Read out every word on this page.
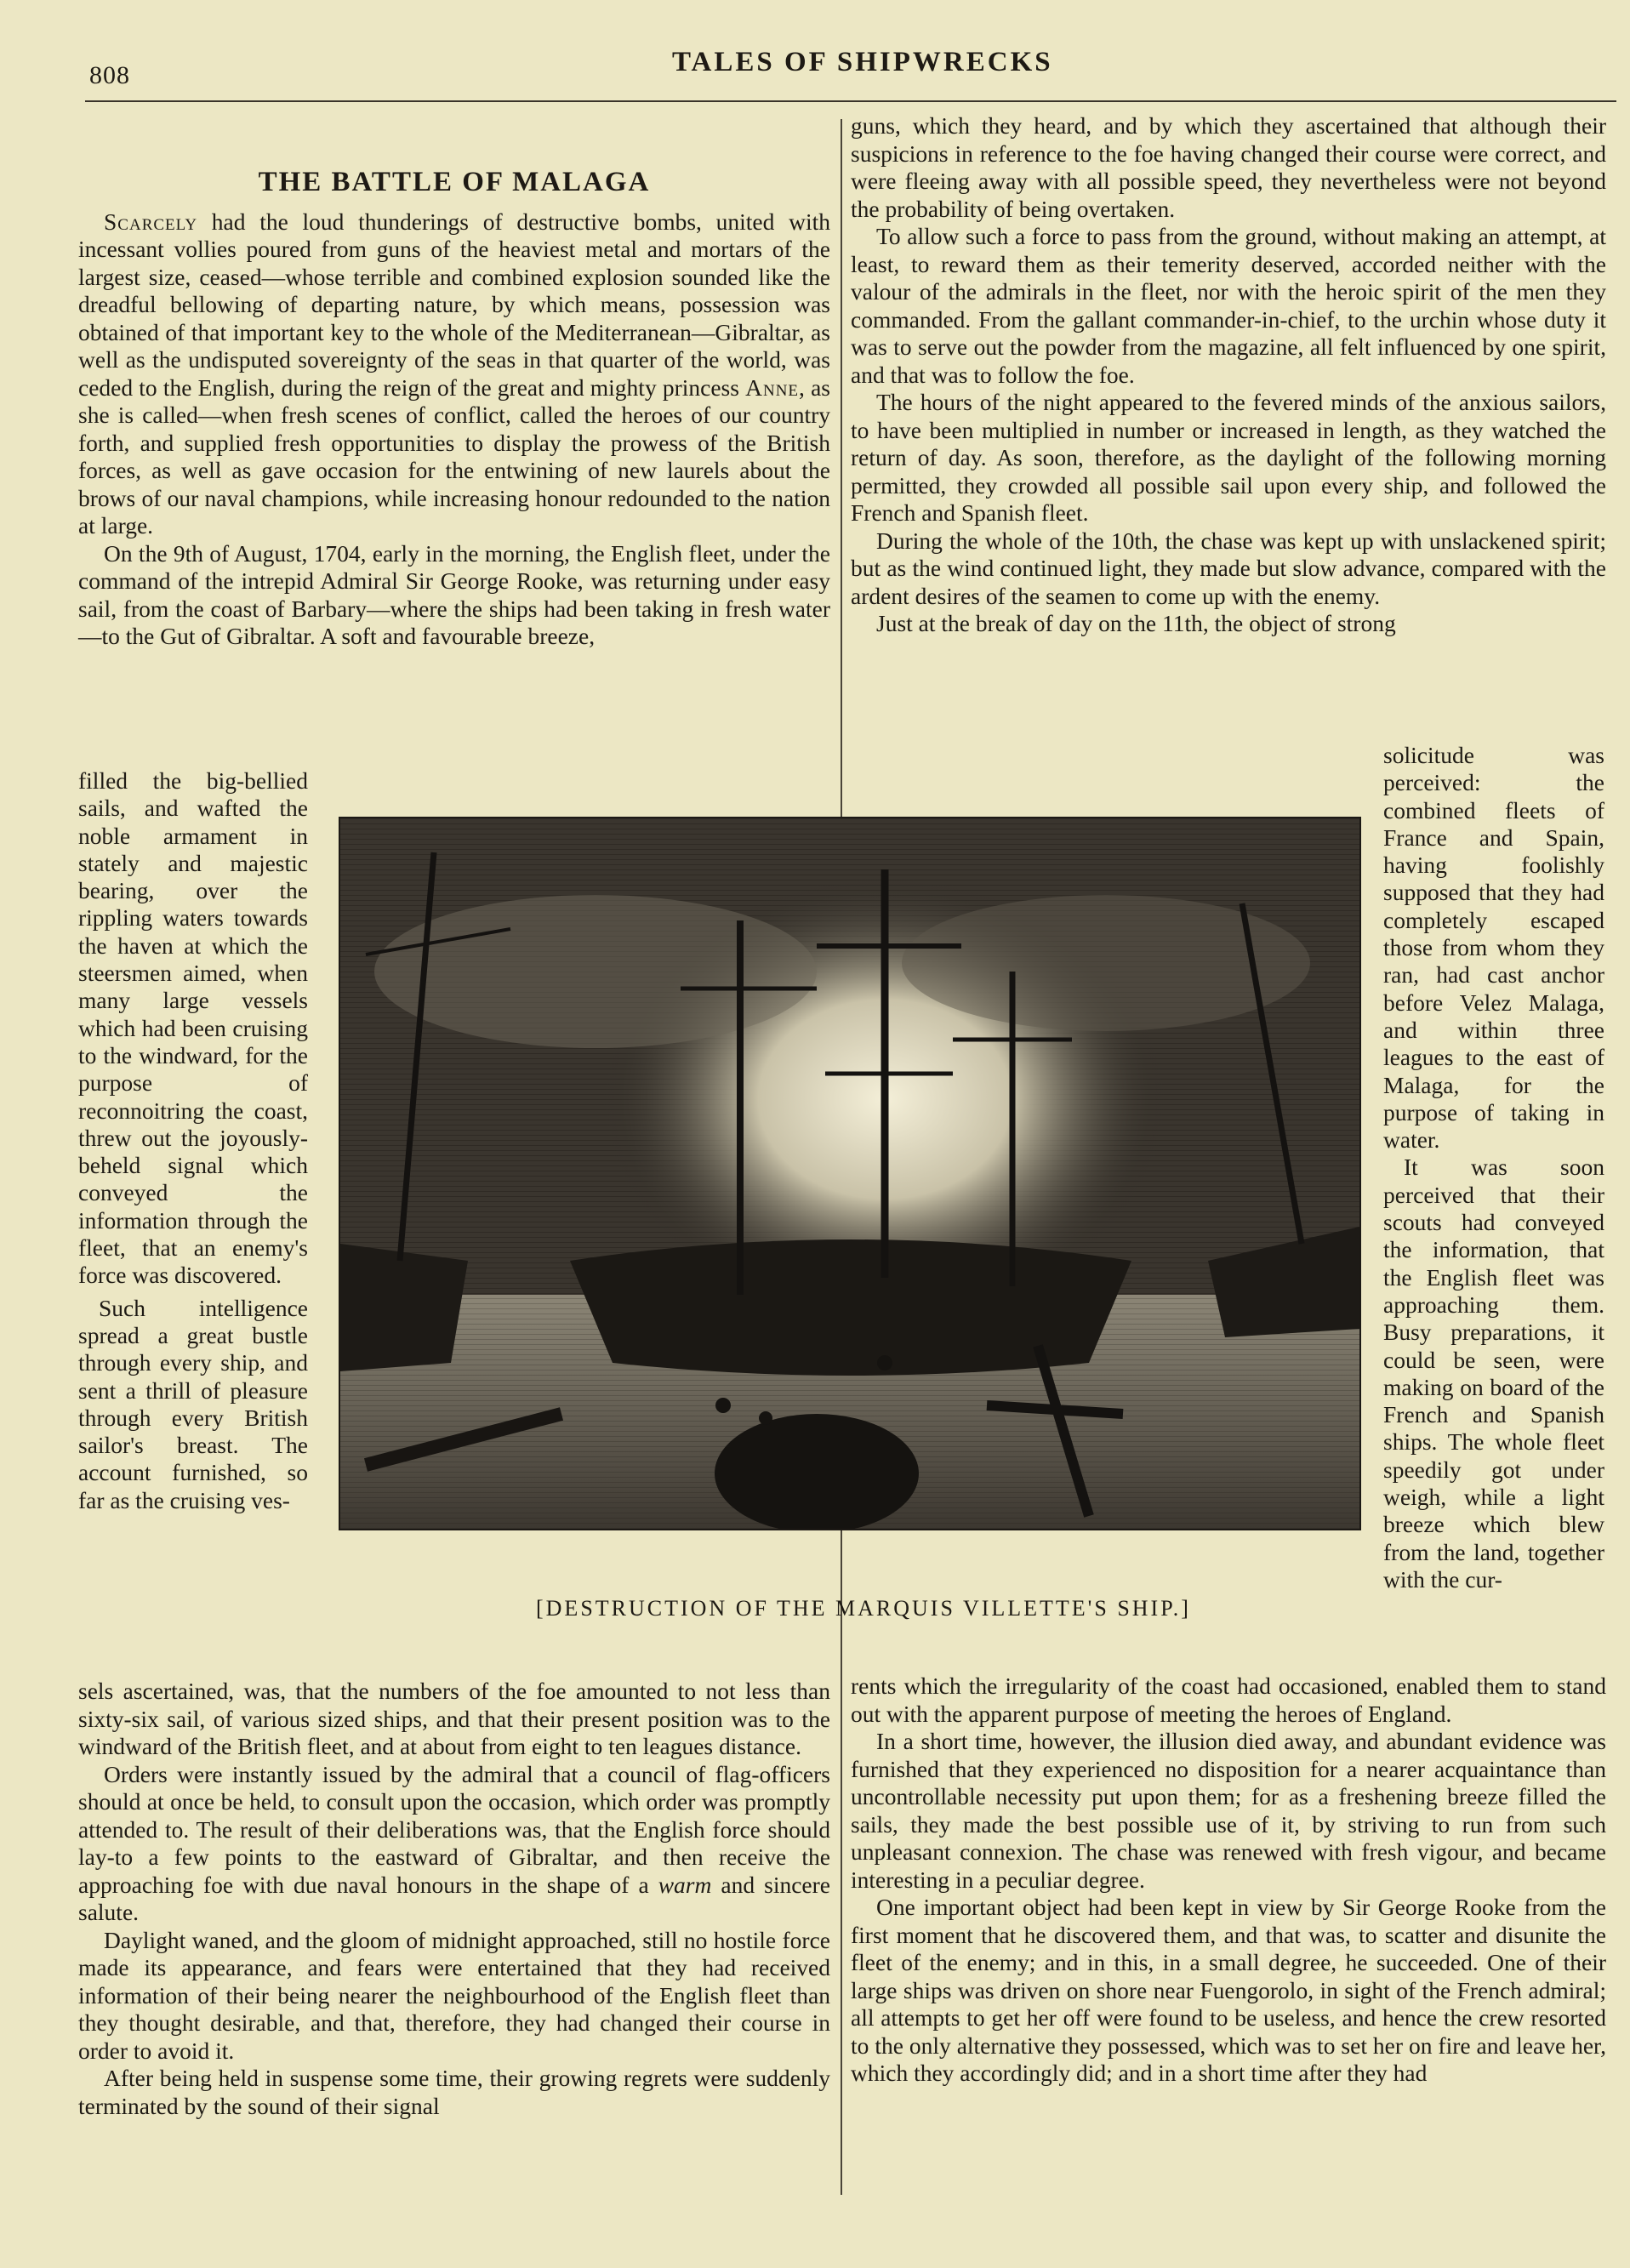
808	TALES OF SHIPWRECKS
THE BATTLE OF MALAGA

Scarcely had the loud thunderings of destructive bombs, united with incessant vollies poured from guns of the heaviest metal and mortars of the largest size, ceased—whose terrible and combined explosion sounded like the dreadful bellowing of departing nature, by which means, possession was obtained of that important key to the whole of the Mediterranean—Gibraltar, as well as the undisputed sovereignty of the seas in that quarter of the world, was ceded to the English, during the reign of the great and mighty princess Anne, as she is called—when fresh scenes of conflict, called the heroes of our country forth, and supplied fresh opportunities to display the prowess of the British forces, as well as gave occasion for the entwining of new laurels about the brows of our naval champions, while increasing honour redounded to the nation at large.

On the 9th of August, 1704, early in the morning, the English fleet, under the command of the intrepid Admiral Sir George Rooke, was returning under easy sail, from the coast of Barbary—where the ships had been taking in fresh water—to the Gut of Gibraltar. A soft and favourable breeze,

filled the big-bellied sails, and wafted the noble armament in stately and majestic bearing, over the rippling waters towards the haven at which the steersmen aimed, when many large vessels which had been cruising to the windward, for the purpose of reconnoitring the coast, threw out the joyously-beheld signal which conveyed the information through the fleet, that an enemy's force was discovered.

Such intelligence spread a great bustle through every ship, and sent a thrill of pleasure through every British sailor's breast. The account furnished, so far as the cruising ves-

sels ascertained, was, that the numbers of the foe amounted to not less than sixty-six sail, of various sized ships, and that their present position was to the windward of the British fleet, and at about from eight to ten leagues distance.

Orders were instantly issued by the admiral that a council of flag-officers should at once be held, to consult upon the occasion, which order was promptly attended to. The result of their deliberations was, that the English force should lay-to a few points to the eastward of Gibraltar, and then receive the approaching foe with due naval honours in the shape of a warm and sincere salute.

Daylight waned, and the gloom of midnight approached, still no hostile force made its appearance, and fears were entertained that they had received information of their being nearer the neighbourhood of the English fleet than they thought desirable, and that, therefore, they had changed their course in order to avoid it.

After being held in suspense some time, their growing regrets were suddenly terminated by the sound of their signal

guns, which they heard, and by which they ascertained that although their suspicions in reference to the foe having changed their course were correct, and were fleeing away with all possible speed, they nevertheless were not beyond the probability of being overtaken.

To allow such a force to pass from the ground, without making an attempt, at least, to reward them as their temerity deserved, accorded neither with the valour of the admirals in the fleet, nor with the heroic spirit of the men they commanded. From the gallant commander-in-chief, to the urchin whose duty it was to serve out the powder from the magazine, all felt influenced by one spirit, and that was to follow the foe.

The hours of the night appeared to the fevered minds of the anxious sailors, to have been multiplied in number or increased in length, as they watched the return of day. As soon, therefore, as the daylight of the following morning permitted, they crowded all possible sail upon every ship, and followed the French and Spanish fleet.

During the whole of the 10th, the chase was kept up with unslackened spirit; but as the wind continued light, they made but slow advance, compared with the ardent desires of the seamen to come up with the enemy.

Just at the break of day on the 11th, the object of strong

solicitude was perceived: the combined fleets of France and Spain, having foolishly supposed that they had completely escaped those from whom they ran, had cast anchor before Velez Malaga, and within three leagues to the east of Malaga, for the purpose of taking in water.

It was soon perceived that their scouts had conveyed the information, that the English fleet was approaching them. Busy preparations, it could be seen, were making on board of the French and Spanish ships. The whole fleet speedily got under weigh, while a light breeze which blew from the land, together with the cur-

rents which the irregularity of the coast had occasioned, enabled them to stand out with the apparent purpose of meeting the heroes of England.

In a short time, however, the illusion died away, and abundant evidence was furnished that they experienced no disposition for a nearer acquaintance than uncontrollable necessity put upon them; for as a freshening breeze filled the sails, they made the best possible use of it, by striving to run from such unpleasant connexion. The chase was renewed with fresh vigour, and became interesting in a peculiar degree.

One important object had been kept in view by Sir George Rooke from the first moment that he discovered them, and that was, to scatter and disunite the fleet of the enemy; and in this, in a small degree, he succeeded. One of their large ships was driven on shore near Fuengorolo, in sight of the French admiral; all attempts to get her off were found to be useless, and hence the crew resorted to the only alternative they possessed, which was to set her on fire and leave her, which they accordingly did; and in a short time after they had

[DESTRUCTION OF THE MARQUIS VILLETTE'S SHIP.]
